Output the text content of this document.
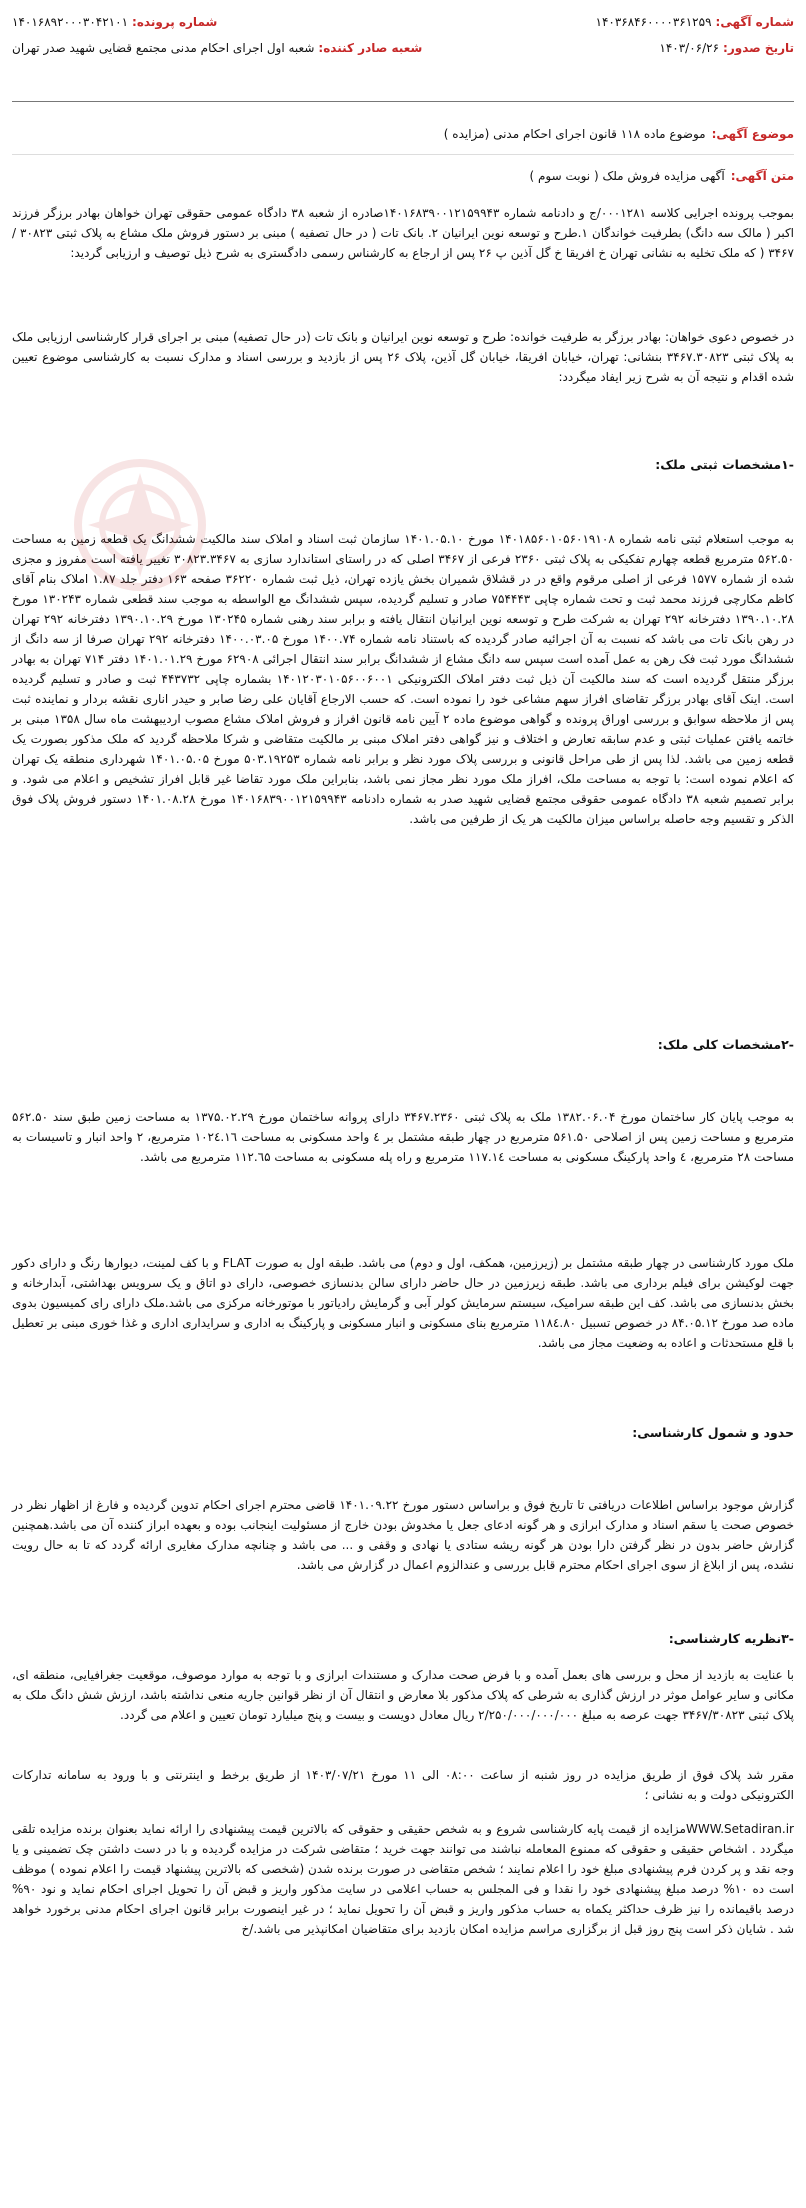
شماره آگهی:
۱۴۰۳۶۸۴۶۰۰۰۰۳۶۱۲۵۹
شماره پرونده:
۱۴۰۱۶۸۹۲۰۰۰۳۰۴۲۱۰۱
تاریخ صدور:
۱۴۰۳/۰۶/۲۶
شعبه صادر کننده:
شعبه اول اجرای احکام مدنی مجتمع قضایی شهید صدر تهران
موضوع آگهی:
موضوع ماده ۱۱۸ قانون اجرای احکام مدنی (مزایده )
متن آگهی:
آگهی مزایده فروش ملک ( نوبت سوم )

بموجب پرونده اجرایی کلاسه ۰۰۰۱۲۸۱/ج و دادنامه شماره ۱۴۰۱۶۸۳۹۰۰۱۲۱۵۹۹۴۳صادره از شعبه ۳۸ دادگاه عمومی حقوقی تهران خواهان بهادر برزگر فرزند اکبر ( مالک سه دانگ) بطرفیت خواندگان ۱.طرح و توسعه نوین ایرانیان ۲. بانک تات ( در حال تصفیه ) مبنی بر دستور فروش ملک مشاع به پلاک ثبتی ۳۰۸۲۳ / ۳۴۶۷ ( که ملک تخلیه به نشانی تهران خ افریقا خ گل آذین پ ۲۶ پس از ارجاع به کارشناس رسمی دادگستری به شرح ذیل توصیف و ارزیابی گردید:

در خصوص دعوی خواهان: بهادر برزگر به طرفیت خوانده: طرح و توسعه نوین ایرانیان و بانک تات (در حال تصفیه) مبنی بر اجرای قرار کارشناسی ارزیابی ملک به پلاک ثبتی ۳۴۶۷.۳۰۸۲۳ بنشانی: تهران، خیابان افریقا، خیابان گل آذین، پلاک ۲۶ پس از بازدید و بررسی اسناد و مدارک نسبت به کارشناسی موضوع تعیین شده اقدام و نتیجه آن به شرح زیر ایفاد میگردد:

-۱مشخصات ثبتی ملک:

به موجب استعلام ثبتی نامه شماره ۱۴۰۱۸۵۶۰۱۰۵۶۰۱۹۱۰۸ مورخ ۱۴۰۱.۰۵.۱۰ سازمان ثبت اسناد و املاک سند مالکیت ششدانگ یک قطعه زمین به مساحت ۵۶۲.۵۰ مترمربع قطعه چهارم تفکیکی به پلاک ثبتی ۲۳۶۰ فرعی از ۳۴۶۷ اصلی که در راستای استاندارد سازی به ۳۰۸۲۳.۳۴۶۷ تغییر یافته است مفروز و مجزی شده از شماره ۱۵۷۷ فرعی از اصلی مرقوم واقع در در قشلاق شمیران بخش یازده تهران، ذیل ثبت شماره ۳۶۲۲۰ صفحه ۱۶۳ دفتر جلد ۱.۸۷ املاک بنام آقای کاظم مکارچی فرزند محمد ثبت و تحت شماره چاپی ۷۵۴۴۴۳ صادر و تسلیم گردیده، سپس ششدانگ مع الواسطه به موجب سند قطعی شماره ۱۳۰۲۴۳ مورخ ۱۳۹۰.۱۰.۲۸ دفترخانه ۲۹۲ تهران به شرکت طرح و توسعه نوین ایرانیان انتقال یافته و برابر سند رهنی شماره ۱۳۰۲۴۵ مورخ ۱۳۹۰.۱۰.۲۹ دفترخانه ۲۹۲ تهران در رهن بانک تات می باشد که نسبت به آن اجرائیه صادر گردیده که باستناد نامه شماره ۱۴۰۰.۷۴ مورخ ۱۴۰۰.۰۳.۰۵ دفترخانه ۲۹۲ تهران صرفا از سه دانگ از ششدانگ مورد ثبت فک رهن به عمل آمده است سپس سه دانگ مشاع از ششدانگ برابر سند انتقال اجرائی ۶۲۹۰۸ مورخ ۱۴۰۱.۰۱.۲۹ دفتر ۷۱۴ تهران به بهادر برزگر منتقل گردیده است که سند مالکیت آن ذیل ثبت دفتر املاک الکترونیکی ۱۴۰۱۲۰۳۰۱۰۵۶۰۰۶۰۰۱ بشماره چاپی ۴۴۳۷۳۲ ثبت و صادر و تسلیم گردیده است. اینک آقای بهادر برزگر تقاضای افراز سهم مشاعی خود را نموده است. که حسب الارجاع آقایان علی رضا صابر و حیدر اناری نقشه بردار و نماینده ثبت پس از ملاحظه سوابق و بررسی اوراق پرونده و گواهی موضوع ماده ۲ آیین نامه قانون افراز و فروش املاک مشاع مصوب اردیبهشت ماه سال ۱۳۵۸ مبنی بر خاتمه یافتن عملیات ثبتی و عدم سابقه تعارض و اختلاف و نیز گواهی دفتر املاک مبنی بر مالکیت متقاضی و شرکا ملاحظه گردید که ملک مذکور بصورت یک قطعه زمین می باشد. لذا پس از طی مراحل قانونی و بررسی پلاک مورد نظر و برابر نامه شماره ۵۰۳.۱۹۲۵۳ مورخ ۱۴۰۱.۰۵.۰۵ شهرداری منطقه یک تهران که اعلام نموده است: با توجه به مساحت ملک، افراز ملک مورد نظر مجاز نمی باشد، بنابراین ملک مورد تقاضا غیر قابل افراز تشخیص و اعلام می شود. و برابر تصمیم شعبه ۳۸ دادگاه عمومی حقوقی مجتمع قضایی شهید صدر به شماره دادنامه ۱۴۰۱۶۸۳۹۰۰۱۲۱۵۹۹۴۳ مورخ ۱۴۰۱.۰۸.۲۸ دستور فروش پلاک فوق الذکر و تقسیم وجه حاصله براساس میزان مالکیت هر یک از طرفین می باشد.

-۲مشخصات کلی ملک:

به موجب پایان کار ساختمان مورخ ۱۳۸۲.۰۶.۰۴ ملک به پلاک ثبتی ۳۴۶۷.۲۳۶۰ دارای پروانه ساختمان مورخ ۱۳۷۵.۰۲.۲۹ به مساحت زمین طبق سند ۵۶۲.۵۰ مترمربع و مساحت زمین پس از اصلاحی ۵۶۱.۵۰ مترمربع در چهار طبقه مشتمل بر ٤ واحد مسکونی به مساحت ۱۰۲٤.۱٦ مترمربع، ۲ واحد انبار و تاسیسات به مساحت ۲۸ مترمربع، ٤ واحد پارکینگ مسکونی به مساحت ۱۱۷.۱٤ مترمربع و راه پله مسکونی به مساحت ۱۱۲.٦۵ مترمربع می باشد.

ملک مورد کارشناسی در چهار طبقه مشتمل بر (زیرزمین، همکف، اول و دوم) می باشد. طبقه اول به صورت FLAT و با کف لمینت، دیوارها رنگ و دارای دکور جهت لوکیشن برای فیلم برداری می باشد. طبقه زیرزمین در حال حاضر دارای سالن بدنسازی خصوصی، دارای دو اتاق و یک سرویس بهداشتی، آبدارخانه و بخش بدنسازی می باشد. کف این طبقه سرامیک، سیستم سرمایش کولر آبی و گرمایش رادیاتور با موتورخانه مرکزی می باشد.ملک دارای رای کمیسیون بدوی ماده صد مورخ ۸۴.۰۵.۱۲ در خصوص تسبیل ۱۱۸٤.۸۰ مترمربع بنای مسکونی و انبار مسکونی و پارکینگ به اداری و سرایداری اداری و غذا خوری مبنی بر تعطیل با قلع مستحدثات و اعاده به وضعیت مجاز می باشد.

حدود و شمول کارشناسی:

گزارش موجود براساس اطلاعات دریافتی تا تاریخ فوق و براساس دستور مورخ ۱۴۰۱.۰۹.۲۲ قاضی محترم اجرای احکام تدوین گردیده و فارغ از اظهار نظر در خصوص صحت یا سقم اسناد و مدارک ابرازی و هر گونه ادعای جعل یا مخدوش بودن خارج از مسئولیت اینجانب بوده و بعهده ابراز کننده آن می باشد.همچنین گزارش حاضر بدون در نظر گرفتن دارا بودن هر گونه ریشه ستادی یا نهادی و وقفی و ... می باشد و چنانچه مدارک مغایری ارائه گردد که تا به حال رویت نشده، پس از ابلاغ از سوی اجرای احکام محترم قابل بررسی و عندالزوم اعمال در گزارش می باشد.

-۳نظریه کارشناسی:

با عنایت به بازدید از محل و بررسی های بعمل آمده و با فرض صحت مدارک و مستندات ابرازی و با توجه به موارد موصوف، موقعیت جغرافیایی، منطقه ای، مکانی و سایر عوامل موثر در ارزش گذاری به شرطی که پلاک مذکور بلا معارض و انتقال آن از نظر قوانین جاریه منعی نداشته باشد، ارزش شش دانگ ملک به پلاک ثبتی ۳۴۶۷/۳۰۸۲۳ جهت عرصه به مبلغ ۲/۲۵۰/۰۰۰/۰۰۰/۰۰۰ ریال معادل دویست و بیست و پنج میلیارد تومان تعیین و اعلام می گردد.

مقرر شد پلاک فوق از طریق مزایده در روز شنبه از ساعت ۰۸:۰۰ الی ۱۱ مورخ ۱۴۰۳/۰۷/۲۱ از طریق برخط و اینترنتی و با ورود به سامانه تدارکات الکترونیکی دولت و به نشانی ؛

WWW.Setadiran.irمزایده از قیمت پایه کارشناسی شروع و به شخص حقیقی و حقوقی که بالاترین قیمت پیشنهادی را ارائه نماید بعنوان برنده مزایده تلقی میگردد . اشخاص حقیقی و حقوقی که ممنوع المعامله نباشند می توانند جهت خرید ؛ متقاضی شرکت در مزایده گردیده و با در دست داشتن چک تضمینی و یا وجه نقد و پر کردن فرم پیشنهادی مبلغ خود را اعلام نمایند ؛ شخص متقاضی در صورت برنده شدن (شخصی که بالاترین پیشنهاد قیمت را اعلام نموده ) موظف است ده ۱۰% درصد مبلغ پیشنهادی خود را نقدا و فی المجلس به حساب اعلامی در سایت مذکور واریز و قبض آن را تحویل اجرای احکام نماید و نود ۹۰% درصد باقیمانده را نیز ظرف حداکثر یکماه به حساب مذکور واریز و قبض آن را تحویل نماید ؛ در غیر اینصورت برابر قانون اجرای احکام مدنی برخورد خواهد شد . شایان ذکر است پنج روز قبل از برگزاری مراسم مزایده امکان بازدید برای متقاضیان امکانپذیر می باشد./خ
